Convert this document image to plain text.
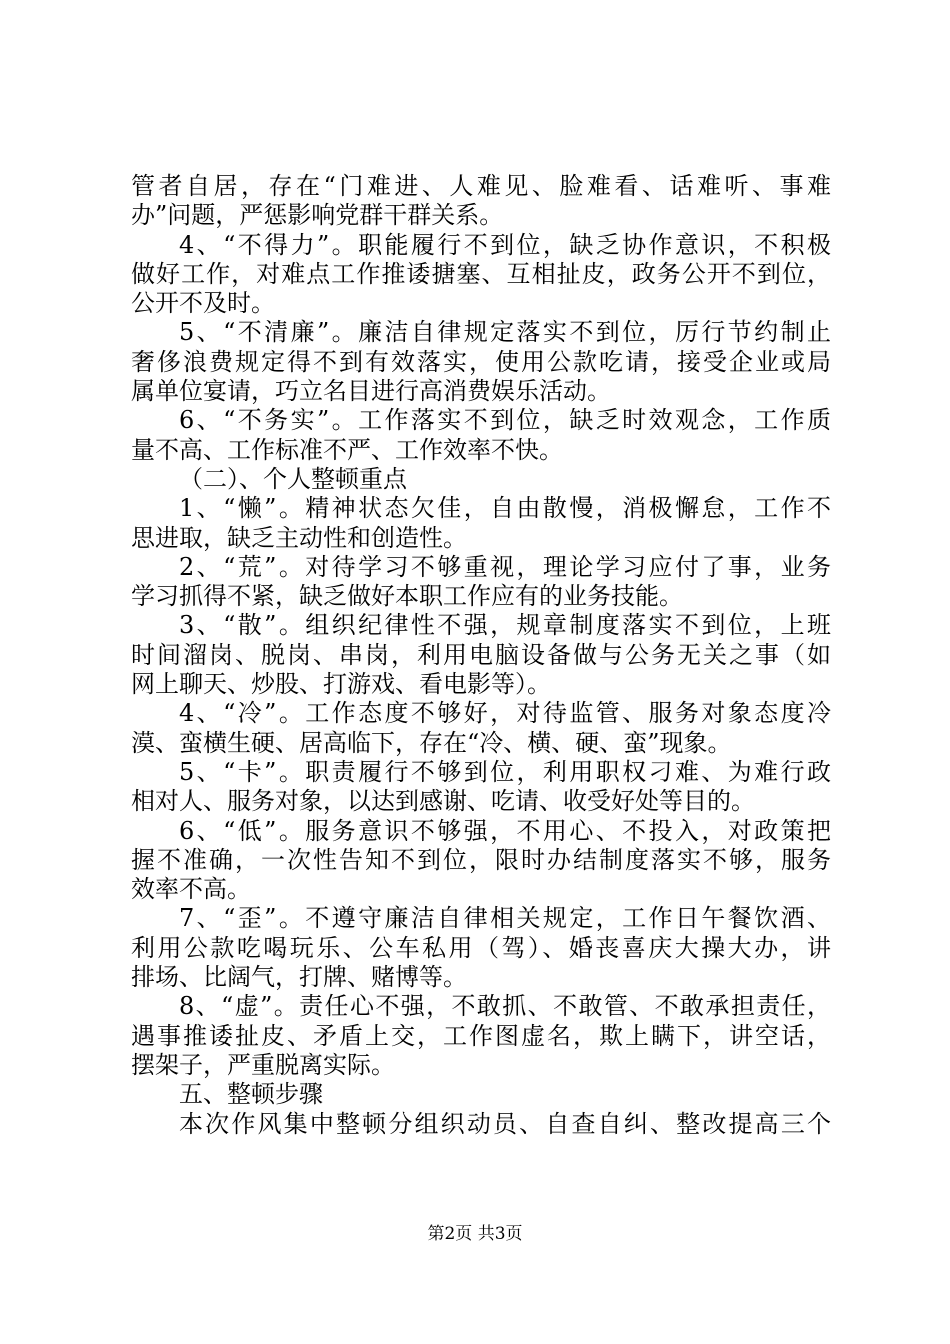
管者自居，存在“门难进、人难见、脸难看、话难听、事难
办”问题，严惩影响党群干群关系。
4、“不得力”。职能履行不到位，缺乏协作意识，不积极
做好工作，对难点工作推诿搪塞、互相扯皮，政务公开不到位，
公开不及时。
5、“不清廉”。廉洁自律规定落实不到位，厉行节约制止
奢侈浪费规定得不到有效落实，使用公款吃请，接受企业或局
属单位宴请，巧立名目进行高消费娱乐活动。
6、“不务实”。工作落实不到位，缺乏时效观念，工作质
量不高、工作标准不严、工作效率不快。
（二）、个人整顿重点
1、“懒”。精神状态欠佳，自由散慢，消极懈怠，工作不
思进取，缺乏主动性和创造性。
2、“荒”。对待学习不够重视，理论学习应付了事，业务
学习抓得不紧，缺乏做好本职工作应有的业务技能。
3、“散”。组织纪律性不强，规章制度落实不到位，上班
时间溜岗、脱岗、串岗，利用电脑设备做与公务无关之事（如
网上聊天、炒股、打游戏、看电影等）。
4、“冷”。工作态度不够好，对待监管、服务对象态度冷
漠、蛮横生硬、居高临下，存在“冷、横、硬、蛮”现象。
5、“卡”。职责履行不够到位，利用职权刁难、为难行政
相对人、服务对象，以达到感谢、吃请、收受好处等目的。
6、“低”。服务意识不够强，不用心、不投入，对政策把
握不准确，一次性告知不到位，限时办结制度落实不够，服务
效率不高。
7、“歪”。不遵守廉洁自律相关规定，工作日午餐饮酒、
利用公款吃喝玩乐、公车私用（驾）、婚丧喜庆大操大办，讲
排场、比阔气，打牌、赌博等。
8、“虚”。责任心不强，不敢抓、不敢管、不敢承担责任，
遇事推诿扯皮、矛盾上交，工作图虚名，欺上瞒下，讲空话，
摆架子，严重脱离实际。
五、整顿步骤
本次作风集中整顿分组织动员、自查自纠、整改提高三个
第2页 共3页
